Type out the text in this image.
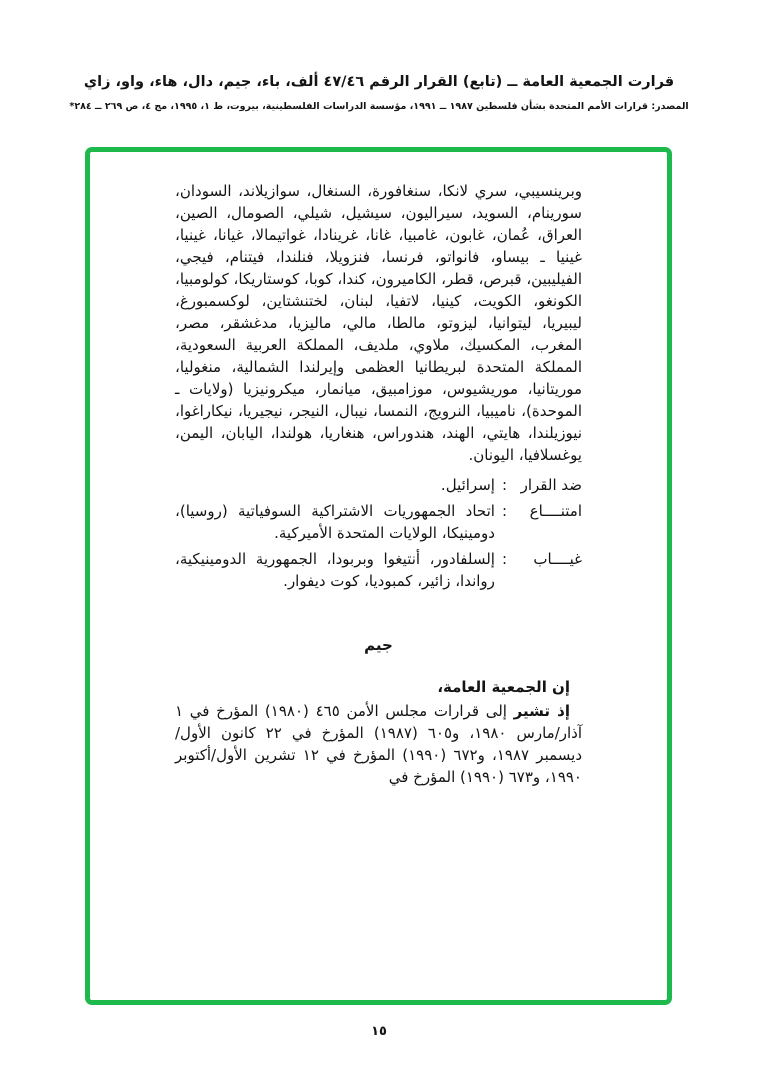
قرارت الجمعية العامة ــ (تابع) القرار الرقم ٤٧/٤٦ ألف، باء، جيم، دال، هاء، واو، زاي
المصدر: قرارات الأمم المتحدة بشأن فلسطين ١٩٨٧ ــ ١٩٩١، مؤسسة الدراسات الفلسطينية، بيروت، ط ١، ١٩٩٥، مج ٤، ص ٢٦٩ ــ ٢٨٤*

وبرينسيبي، سري لانكا، سنغافورة، السنغال، سوازيلاند، السودان، سورينام، السويد، سيراليون، سيشيل، شيلي، الصومال، الصين، العراق، عُمان، غابون، غامبيا، غانا، غرينادا، غواتيمالا، غيانا، غينيا، غينيا ـ بيساو، فانواتو، فرنسا، فنزويلا، فنلندا، فيتنام، فيجي، الفيليبين، قبرص، قطر، الكاميرون، كندا، كوبا، كوستاريكا، كولومبيا، الكونغو، الكويت، كينيا، لاتفيا، لبنان، لختنشتاين، لوكسمبورغ، ليبيريا، ليتوانيا، ليزوتو، مالطا، مالي، ماليزيا، مدغشقر، مصر، المغرب، المكسيك، ملاوي، ملديف، المملكة العربية السعودية، المملكة المتحدة لبريطانيا العظمى وإيرلندا الشمالية، منغوليا، موريتانيا، موريشيوس، موزامبيق، ميانمار، ميكرونيزيا (ولايات ـ الموحدة)، ناميبيا، النرويج، النمسا، نيبال، النيجر، نيجيريا، نيكاراغوا، نيوزيلندا، هايتي، الهند، هندوراس، هنغاريا، هولندا، اليابان، اليمن، يوغسلافيا، اليونان.

ضد القرار
:
إسرائيل.
امتنــــاع
:
اتحاد الجمهوريات الاشتراكية السوفياتية (روسيا)، دومينيكا، الولايات المتحدة الأميركية.
غيــــاب
:
إلسلفادور، أنتيغوا وبربودا، الجمهورية الدومينيكية، رواندا، زائير، كمبوديا، كوت ديفوار.
جيم

إن الجمعية العامة،

إذ تشير إلى قرارات مجلس الأمن ٤٦٥ (١٩٨٠) المؤرخ في ١ آذار/مارس ١٩٨٠، و٦٠٥ (١٩٨٧) المؤرخ في ٢٢ كانون الأول/ديسمبر ١٩٨٧، و٦٧٢ (١٩٩٠) المؤرخ في ١٢ تشرين الأول/أكتوبر ١٩٩٠، و٦٧٣ (١٩٩٠) المؤرخ في

١٥
